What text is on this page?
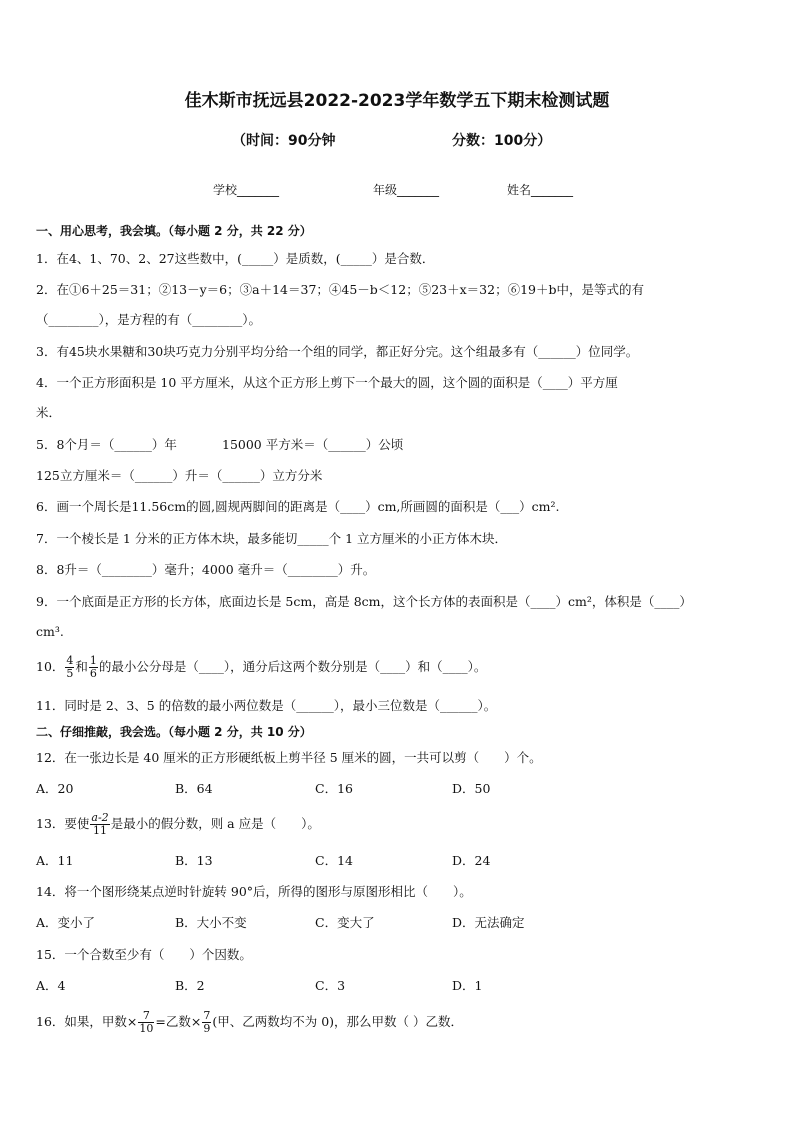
佳木斯市抚远县2022-2023学年数学五下期末检测试题
（时间：90分钟	分数：100分）
学校_______	年级_______	姓名_______
一、用心思考，我会填。（每小题 2 分，共 22 分）
1．在4、1、70、2、27这些数中，(_____）是质数，(_____）是合数．
2．在①6＋25＝31；②13－y＝6；③a＋14＝37；④45－b＜12；⑤23＋x＝32；⑥19＋b中，是等式的有
（________），是方程的有（________）。
3．有45块水果糖和30块巧克力分别平均分给一个组的同学，都正好分完。这个组最多有（______）位同学。
4．一个正方形面积是 10 平方厘米，从这个正方形上剪下一个最大的圆，这个圆的面积是（____）平方厘
米．
5．8个月＝（______）年	15000 平方米＝（______）公顷
125立方厘米＝（______）升＝（______）立方分米
6．画一个周长是11.56cm的圆,圆规两脚间的距离是（____）cm,所画圆的面积是（___）cm².
7．一个棱长是 1 分米的正方体木块，最多能切_____个 1 立方厘米的小正方体木块．
8．8升＝（________）毫升；4000 毫升＝（________）升。
9．一个底面是正方形的长方体，底面边长是 5cm，高是 8cm，这个长方体的表面积是（____）cm²，体积是（____）
cm³.
10． $\frac{4}{5}$ 和 $\frac{1}{6}$ 的最小公分母是（____），通分后这两个数分别是（____）和（____）。
11．同时是 2、3、5 的倍数的最小两位数是（______），最小三位数是（______）。
二、仔细推敲，我会选。（每小题 2 分，共 10 分）
12．在一张边长是 40 厘米的正方形硬纸板上剪半径 5 厘米的圆，一共可以剪（　　）个。
A．20	B．64	C．16	D．50
13．要使 $\frac{a-2}{11}$ 是最小的假分数，则 a 应是（　　）。
A．11	B．13	C．14	D．24
14．将一个图形绕某点逆时针旋转 90°后，所得的图形与原图形相比（　　）。
A．变小了	B．大小不变	C．变大了	D．无法确定
15．一个合数至少有（　　）个因数。
A．4	B．2	C．3	D．1
16．如果，甲数× $\frac{7}{10}$ =乙数× $\frac{7}{9}$ (甲、乙两数均不为 0)，那么甲数（ ）乙数．
